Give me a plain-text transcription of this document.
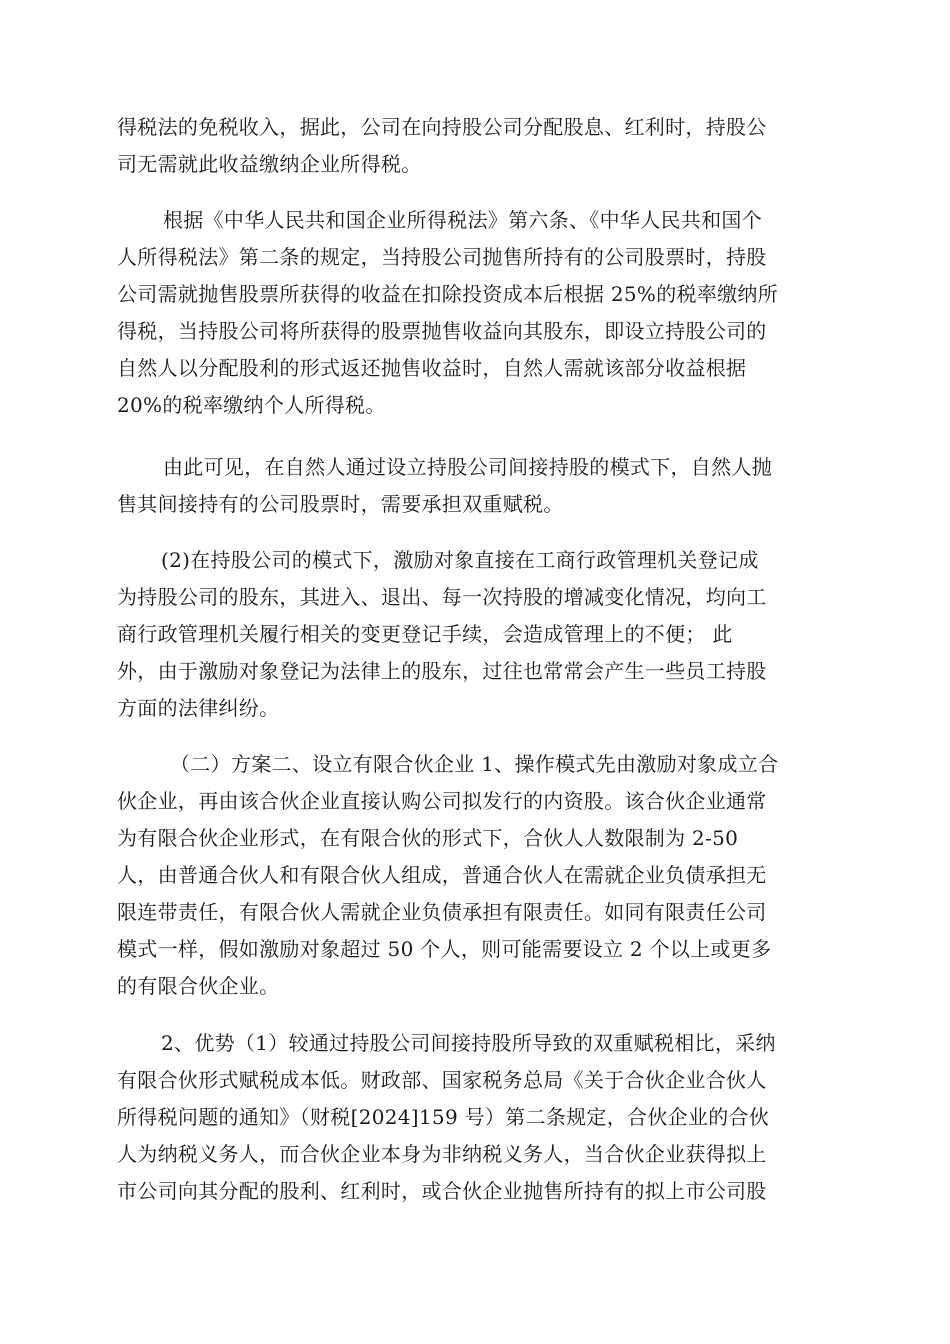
得税法的免税收入，据此，公司在向持股公司分配股息、红利时，持股公
司无需就此收益缴纳企业所得税。
根据《中华人民共和国企业所得税法》第六条、《中华人民共和国个
人所得税法》第二条的规定，当持股公司抛售所持有的公司股票时，持股
公司需就抛售股票所获得的收益在扣除投资成本后根据 25%的税率缴纳所
得税，当持股公司将所获得的股票抛售收益向其股东，即设立持股公司的
自然人以分配股利的形式返还抛售收益时，自然人需就该部分收益根据
20%的税率缴纳个人所得税。
由此可见，在自然人通过设立持股公司间接持股的模式下，自然人抛
售其间接持有的公司股票时，需要承担双重赋税。
(2)在持股公司的模式下，激励对象直接在工商行政管理机关登记成
为持股公司的股东，其进入、退出、每一次持股的增减变化情况，均向工
商行政管理机关履行相关的变更登记手续，会造成管理上的不便； 此
外，由于激励对象登记为法律上的股东，过往也常常会产生一些员工持股
方面的法律纠纷。
（二）方案二、设立有限合伙企业 1、操作模式先由激励对象成立合
伙企业，再由该合伙企业直接认购公司拟发行的内资股。该合伙企业通常
为有限合伙企业形式，在有限合伙的形式下，合伙人人数限制为 2-50
人，由普通合伙人和有限合伙人组成，普通合伙人在需就企业负债承担无
限连带责任，有限合伙人需就企业负债承担有限责任。如同有限责任公司
模式一样，假如激励对象超过 50 个人，则可能需要设立 2 个以上或更多
的有限合伙企业。
2、优势（1）较通过持股公司间接持股所导致的双重赋税相比，采纳
有限合伙形式赋税成本低。财政部、国家税务总局《关于合伙企业合伙人
所得税问题的通知》（财税[2024]159 号）第二条规定，合伙企业的合伙
人为纳税义务人，而合伙企业本身为非纳税义务人，当合伙企业获得拟上
市公司向其分配的股利、红利时，或合伙企业抛售所持有的拟上市公司股
